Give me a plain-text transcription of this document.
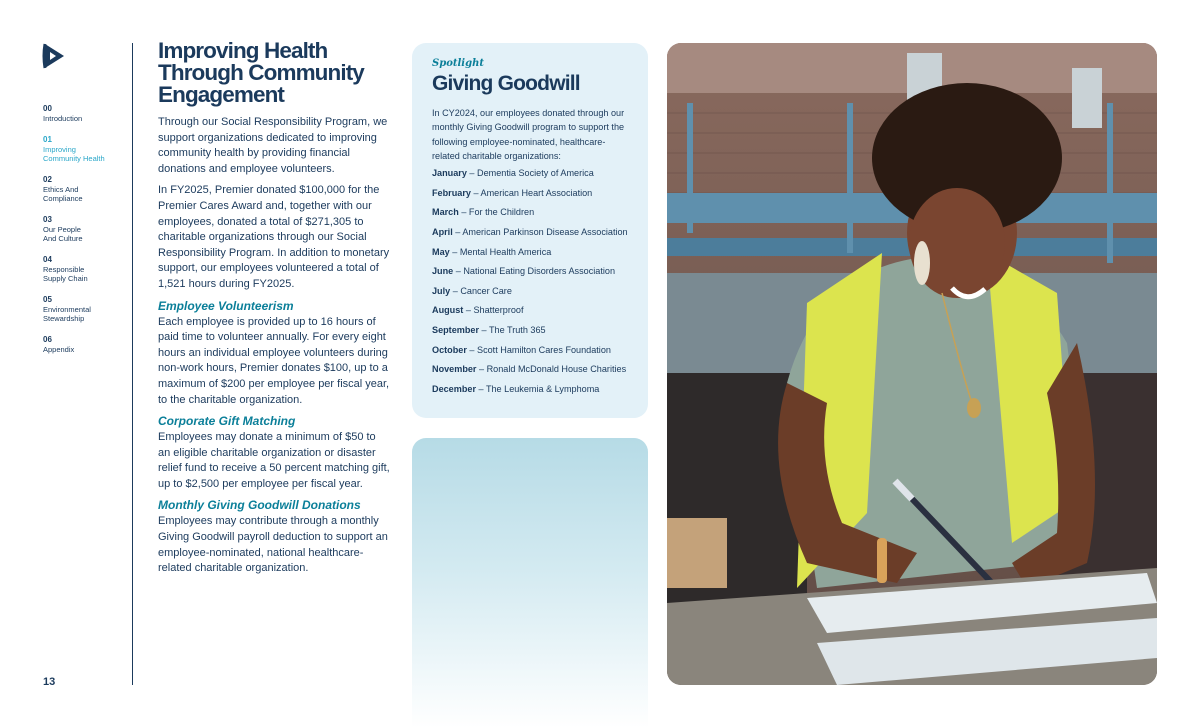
00
Introduction
01
Improving
Community Health
02
Ethics And
Compliance
03
Our People
And Culture
04
Responsible
Supply Chain
05
Environmental
Stewardship
06
Appendix
13
Improving Health Through Community Engagement

Through our Social Responsibility Program, we support organizations dedicated to improving community health by providing financial donations and employee volunteers.

In FY2025, Premier donated $100,000 for the Premier Cares Award and, together with our employees, donated a total of $271,305 to charitable organizations through our Social Responsibility Program. In addition to monetary support, our employees volunteered a total of 1,521 hours during FY2025.

Employee Volunteerism

Each employee is provided up to 16 hours of paid time to volunteer annually. For every eight hours an individual employee volunteers during non-work hours, Premier donates $100, up to a maximum of $200 per employee per fiscal year, to the charitable organization.

Corporate Gift Matching

Employees may donate a minimum of $50 to an eligible charitable organization or disaster relief fund to receive a 50 percent matching gift, up to $2,500 per employee per fiscal year.

Monthly Giving Goodwill Donations

Employees may contribute through a monthly Giving Goodwill payroll deduction to support an employee-nominated, national healthcare-related charitable organization.

Spotlight
Giving Goodwill

In CY2024, our employees donated through our monthly Giving Goodwill program to support the following employee-nominated, healthcare-related charitable organizations:

January – Dementia Society of America
February – American Heart Association
March – For the Children
April – American Parkinson Disease Association
May – Mental Health America
June – National Eating Disorders Association
July – Cancer Care
August – Shatterproof
September – The Truth 365
October – Scott Hamilton Cares Foundation
November – Ronald McDonald House Charities
December – The Leukemia & Lymphoma
